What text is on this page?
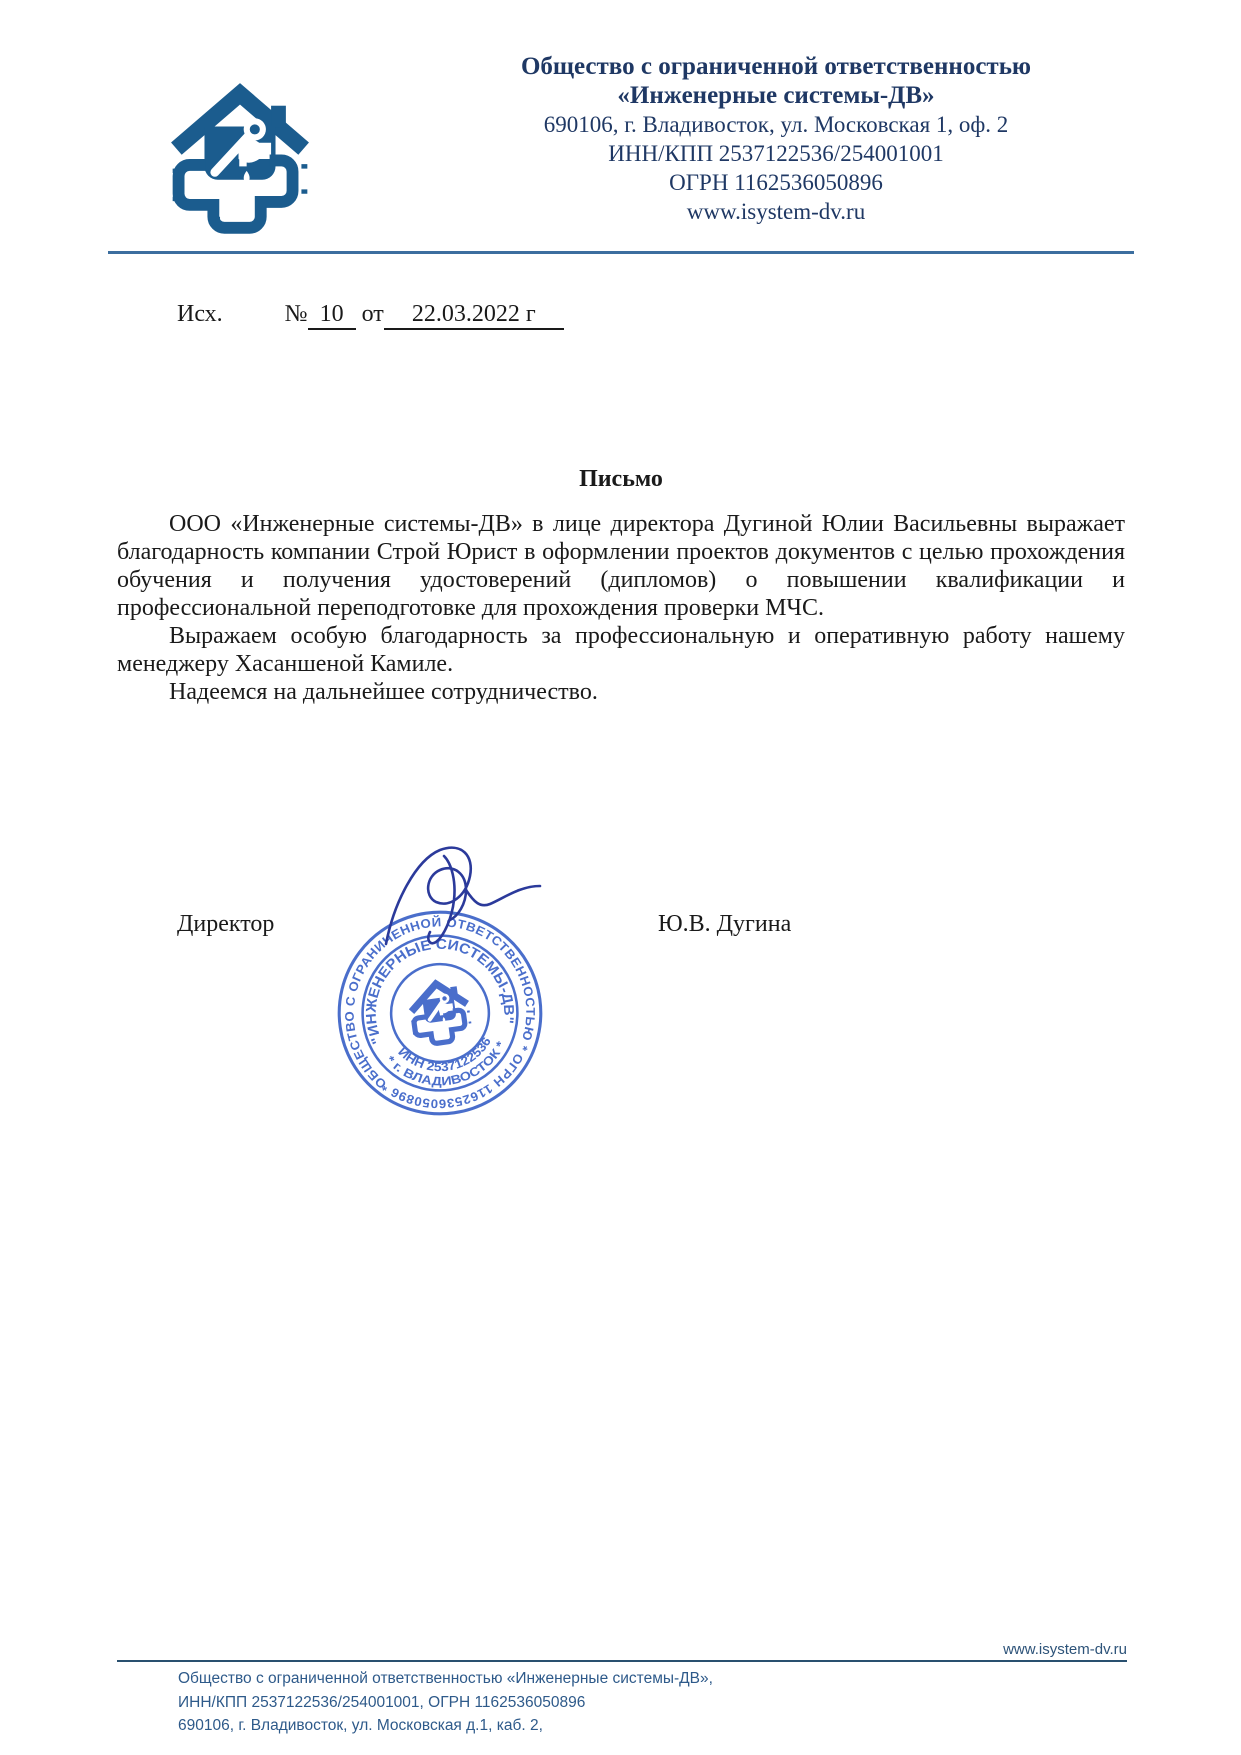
Общество с ограниченной ответственностью
«Инженерные системы-ДВ»
690106, г. Владивосток, ул. Московская 1, оф. 2
ИНН/КПП 2537122536/254001001
ОГРН 1162536050896
www.isystem-dv.ru
Исх.	№ 10 от 22.03.2022 г
Письмо

ООО «Инженерные системы-ДВ» в лице директора Дугиной Юлии Васильевны выражает благодарность компании Строй Юрист в оформлении проектов документов с целью прохождения обучения и получения удостоверений (дипломов) о повышении квалификации и профессиональной переподготовке для прохождения проверки МЧС.

Выражаем особую благодарность за профессиональную и оперативную работу нашему менеджеру Хасаншеной Камиле.

Надеемся на дальнейшее сотрудничество.

Директор	Ю.В. Дугина
ОБЩЕСТВО С ОГРАНИЧЕННОЙ ОТВЕТСТВЕННОСТЬЮ * ОГРН 1162536050896 *
"ИНЖЕНЕРНЫЕ СИСТЕМЫ-ДВ"
ИНН 2537122536
* г. ВЛАДИВОСТОК *
www.isystem-dv.ru
Общество с ограниченной ответственностью «Инженерные системы-ДВ»,
ИНН/КПП 2537122536/254001001, ОГРН 1162536050896
690106, г. Владивосток, ул. Московская д.1, каб. 2,
